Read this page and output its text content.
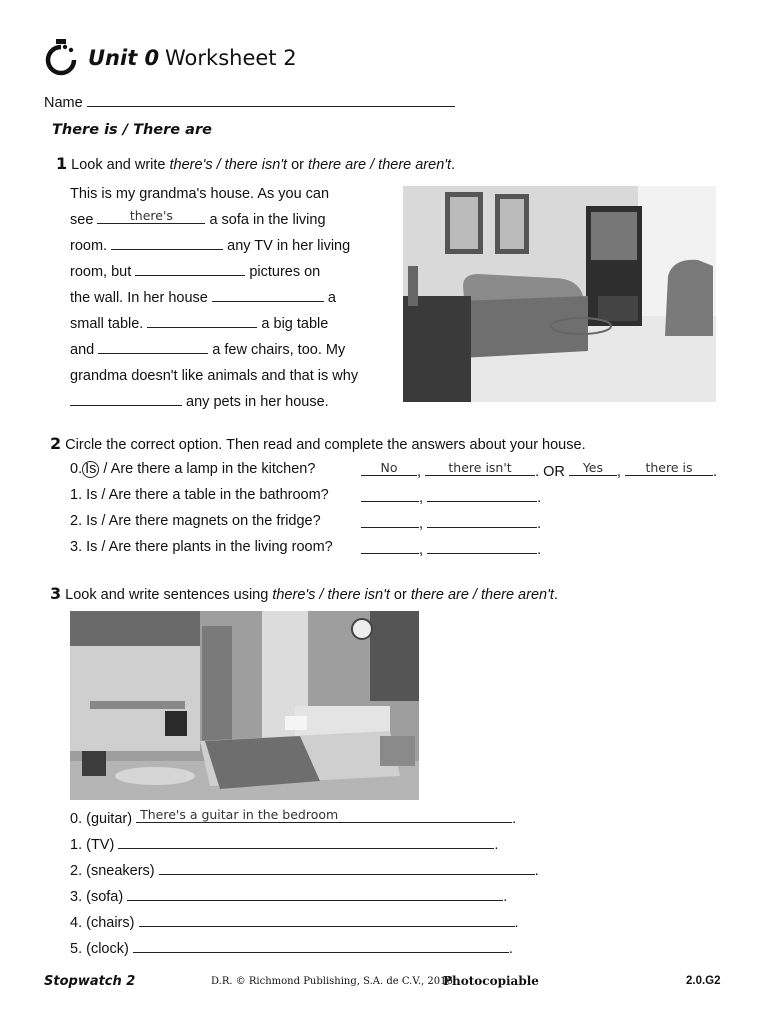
Unit 0 Worksheet 2
Name
There is / There are
1 Look and write there's / there isn't or there are / there aren't.
This is my grandma's house. As you can
see	there's	a sofa in the living
room.	any TV in her living
room, but	pictures on
the wall. In her house	a
small table.	a big table
and	a few chairs, too. My
grandma doesn't like animals and that is why
any pets in her house.
2 Circle the correct option. Then read and complete the answers about your house.
0. Is / Are there a lamp in the kitchen?	No	,	there isn't	. OR	Yes ,	there is	.
1. Is / Are there a table in the bathroom?	,	.
2. Is / Are there magnets on the fridge?	,	.
3. Is / Are there plants in the living room?	,	.
3 Look and write sentences using there's / there isn't or there are / there aren't.
0. (guitar) There's a guitar in the bedroom	.
1. (TV)	.
2. (sneakers)	.
3. (sofa)	.
4. (chairs)	.
5. (clock)	.
Stopwatch 2	D.R. © Richmond Publishing, S.A. de C.V., 2016
Photocopiable	2.0.G2
